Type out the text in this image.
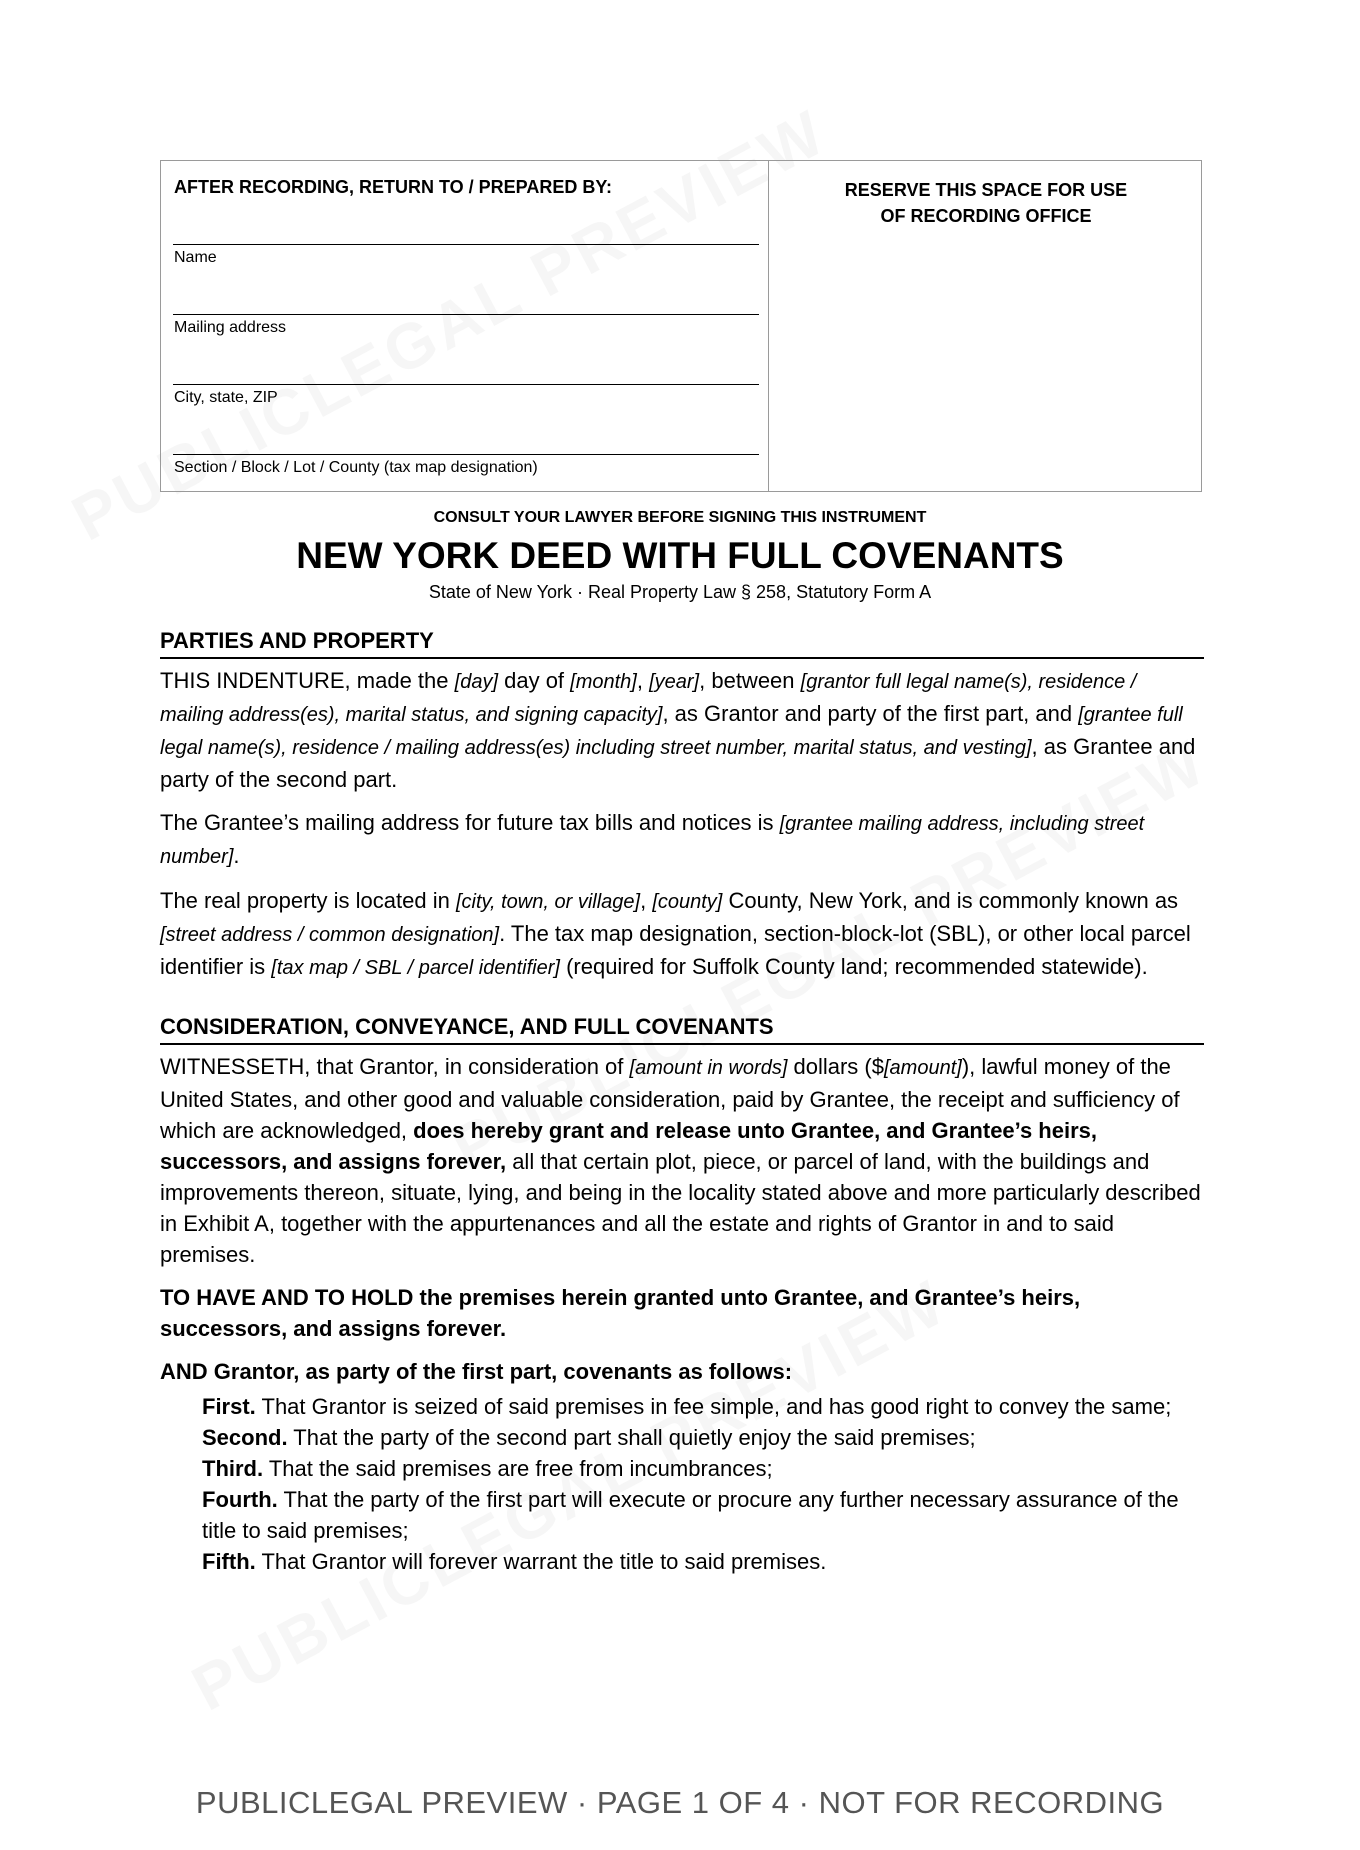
AFTER RECORDING, RETURN TO / PREPARED BY:
Name
Mailing address
City, state, ZIP
Section / Block / Lot / County (tax map designation)
RESERVE THIS SPACE FOR USE
OF RECORDING OFFICE
CONSULT YOUR LAWYER BEFORE SIGNING THIS INSTRUMENT
NEW YORK DEED WITH FULL COVENANTS
State of New York · Real Property Law § 258, Statutory Form A
PARTIES AND PROPERTY

THIS INDENTURE, made the [day] day of [month], [year], between [grantor full legal name(s), residence / mailing address(es), marital status, and signing capacity], as Grantor and party of the first part, and [grantee full legal name(s), residence / mailing address(es) including street number, marital status, and vesting], as Grantee and party of the second part.

The Grantee’s mailing address for future tax bills and notices is [grantee mailing address, including street number].

The real property is located in [city, town, or village], [county] County, New York, and is commonly known as [street address / common designation]. The tax map designation, section-block-lot (SBL), or other local parcel identifier is [tax map / SBL / parcel identifier] (required for Suffolk County land; recommended statewide).

CONSIDERATION, CONVEYANCE, AND FULL COVENANTS

WITNESSETH, that Grantor, in consideration of [amount in words] dollars ($[amount]), lawful money of the United States, and other good and valuable consideration, paid by Grantee, the receipt and sufficiency of which are acknowledged, does hereby grant and release unto Grantee, and Grantee’s heirs, successors, and assigns forever, all that certain plot, piece, or parcel of land, with the buildings and improvements thereon, situate, lying, and being in the locality stated above and more particularly described in Exhibit A, together with the appurtenances and all the estate and rights of Grantor in and to said premises.

TO HAVE AND TO HOLD the premises herein granted unto Grantee, and Grantee’s heirs, successors, and assigns forever.

AND Grantor, as party of the first part, covenants as follows:

First. That Grantor is seized of said premises in fee simple, and has good right to convey the same;
Second. That the party of the second part shall quietly enjoy the said premises;
Third. That the said premises are free from incumbrances;
Fourth. That the party of the first part will execute or procure any further necessary assurance of the title to said premises;
Fifth. That Grantor will forever warrant the title to said premises.
PUBLICLEGAL PREVIEW · PAGE 1 OF 4 · NOT FOR RECORDING
